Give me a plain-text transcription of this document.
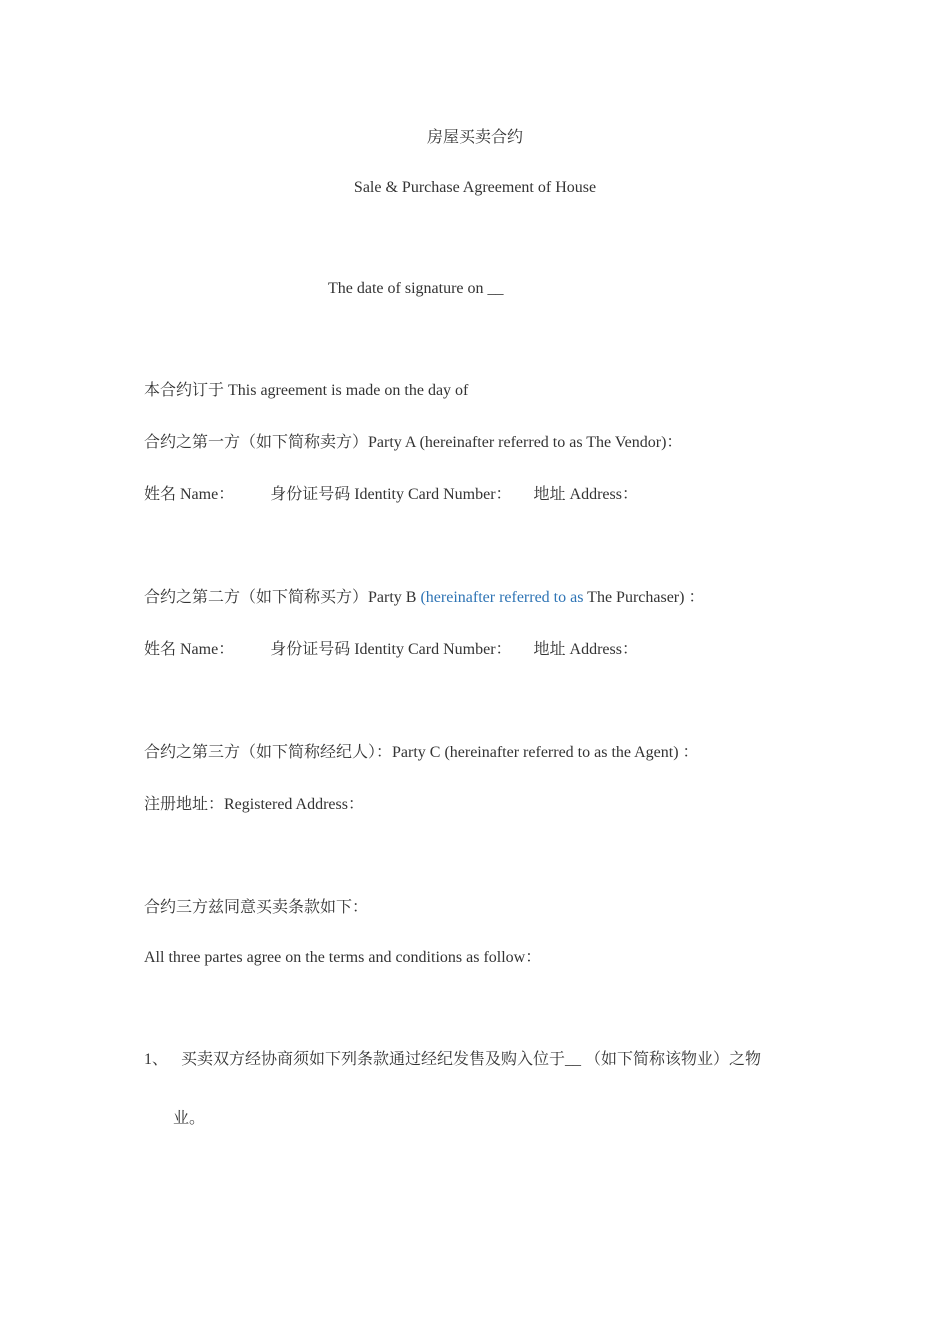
房屋买卖合约
Sale & Purchase Agreement of House
The date of signature on __
本合约订于 This agreement is made on the day of
合约之第一方（如下简称卖方）Party A (hereinafter referred to as The Vendor)：
姓名 Name： 身份证号码 Identity Card Number： 地址 Address：
合约之第二方（如下简称买方）Party B (hereinafter referred to as The Purchaser) ：
姓名 Name： 身份证号码 Identity Card Number： 地址 Address：
合约之第三方（如下简称经纪人）：Party C (hereinafter referred to as the Agent) ：
注册地址：Registered Address：
合约三方兹同意买卖条款如下：
All three partes agree on the terms and conditions as follow：
1、 买卖双方经协商须如下列条款通过经纪发售及购入位于__ （如下简称该物业）之物
业。
